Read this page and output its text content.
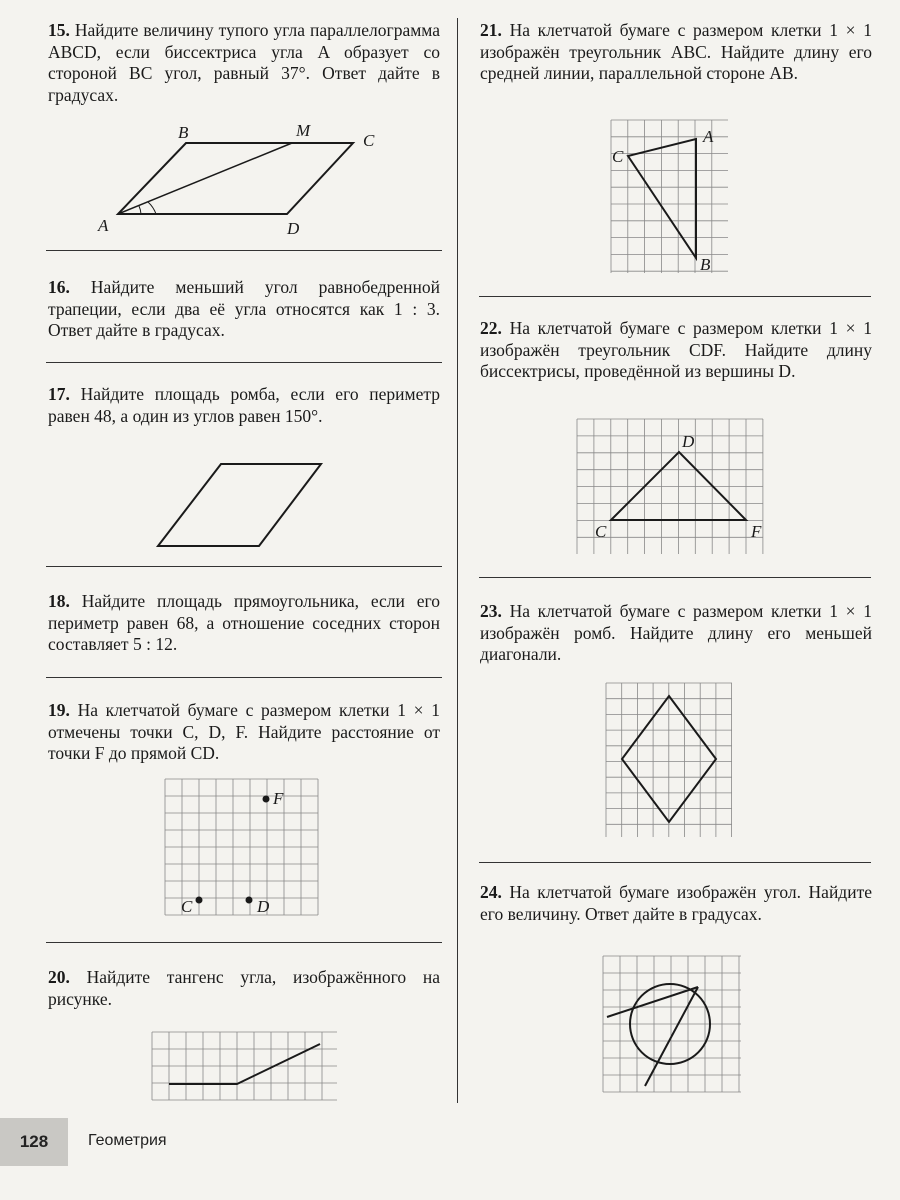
15. Найдите величину тупого угла параллелограмма ABCD, если биссектриса угла A образует со стороной BC угол, равный 37°. Ответ дайте в градусах.
B	M
C
A	D
16. Найдите меньший угол равнобедренной трапеции, если два её угла относятся как 1 : 3. Ответ дайте в градусах.
17. Найдите площадь ромба, если его периметр равен 48, а один из углов равен 150°.
18. Найдите площадь прямоугольника, если его периметр равен 68, а отношение соседних сторон составляет 5 : 12.
19. На клетчатой бумаге с размером клетки 1 × 1 отмечены точки C, D, F. Найдите расстояние от точки F до прямой CD.
F
C	D
20. Найдите тангенс угла, изображённого на рисунке.
21. На клетчатой бумаге с размером клетки 1 × 1 изображён треугольник ABC. Найдите длину его средней линии, параллельной стороне AB.
A
C
B
22. На клетчатой бумаге с размером клетки 1 × 1 изображён треугольник CDF. Найдите длину биссектрисы, проведённой из вершины D.
D
C	F
23. На клетчатой бумаге с размером клетки 1 × 1 изображён ромб. Найдите длину его меньшей диагонали.
24. На клетчатой бумаге изображён угол. Найдите его величину. Ответ дайте в градусах.
128	Геометрия
